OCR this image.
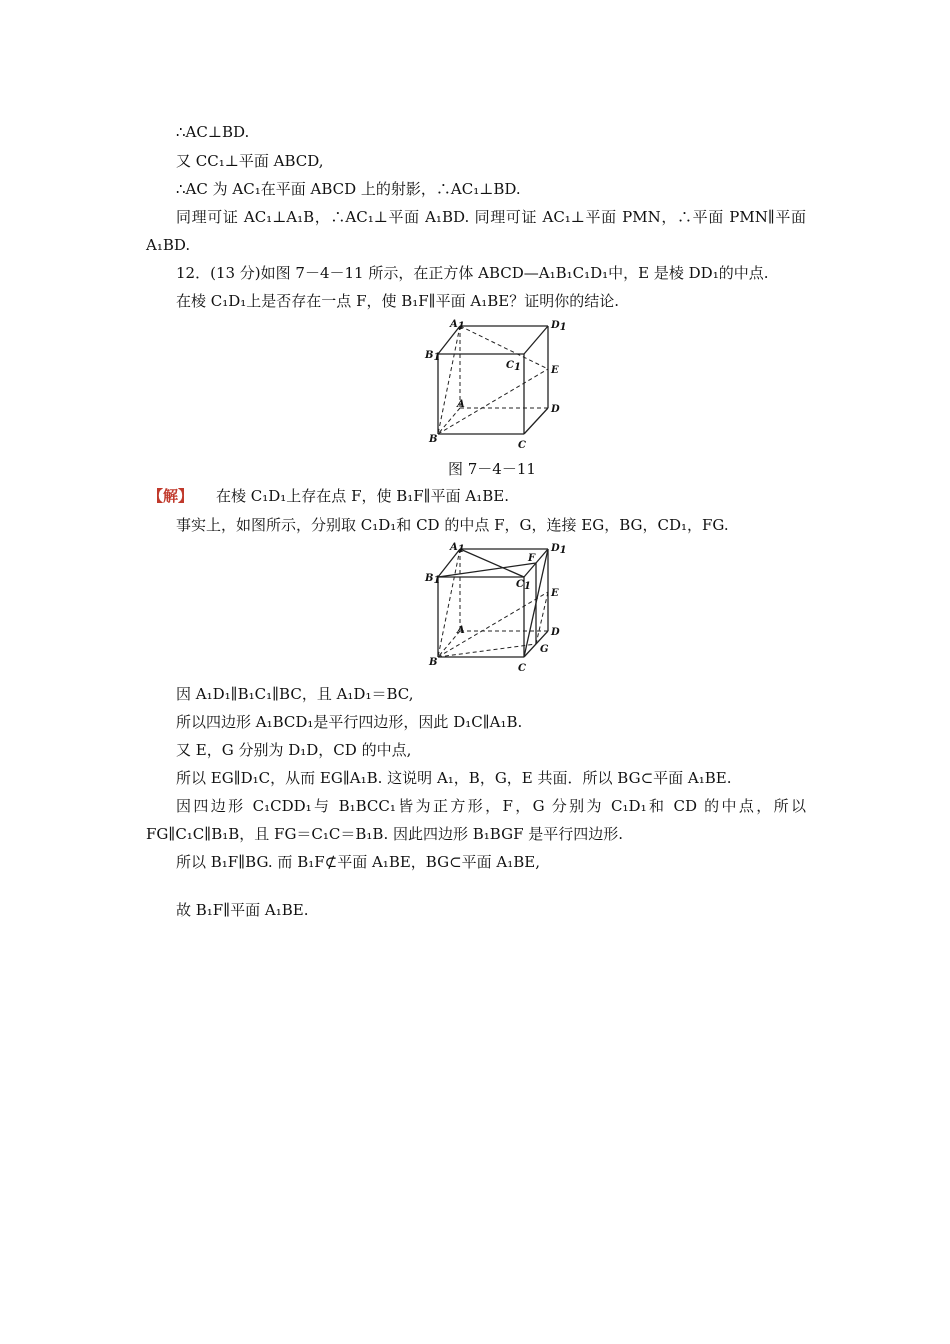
∴AC⊥BD.
又 CC₁⊥平面 ABCD,
∴AC 为 AC₁在平面 ABCD 上的射影，∴AC₁⊥BD.
同理可证 AC₁⊥A₁B，∴AC₁⊥平面 A₁BD. 同理可证 AC₁⊥平面 PMN，∴平面 PMN∥平面
A₁BD.
12．(13 分)如图 7－4－11 所示，在正方体 ABCD—A₁B₁C₁D₁中，E 是棱 DD₁的中点.
在棱 C₁D₁上是否存在一点 F，使 B₁F∥平面 A₁BE？证明你的结论.
A1	D1
B1
C1	E
A	D
B
C
图 7－4－11
【解】 在棱 C₁D₁上存在点 F，使 B₁F∥平面 A₁BE.
事实上，如图所示，分别取 C₁D₁和 CD 的中点 F，G，连接 EG，BG，CD₁，FG.
A1	D1
F
B1	C1
E
A	D
G
B
C
因 A₁D₁∥B₁C₁∥BC，且 A₁D₁＝BC,
所以四边形 A₁BCD₁是平行四边形，因此 D₁C∥A₁B.
又 E，G 分别为 D₁D，CD 的中点,
所以 EG∥D₁C，从而 EG∥A₁B. 这说明 A₁，B，G，E 共面．所以 BG⊂平面 A₁BE.
因四边形 C₁CDD₁与 B₁BCC₁皆为正方形，F，G 分别为 C₁D₁和 CD 的中点，所以
FG∥C₁C∥B₁B，且 FG＝C₁C＝B₁B. 因此四边形 B₁BGF 是平行四边形.
所以 B₁F∥BG. 而 B₁F⊄平面 A₁BE，BG⊂平面 A₁BE,
故 B₁F∥平面 A₁BE.
